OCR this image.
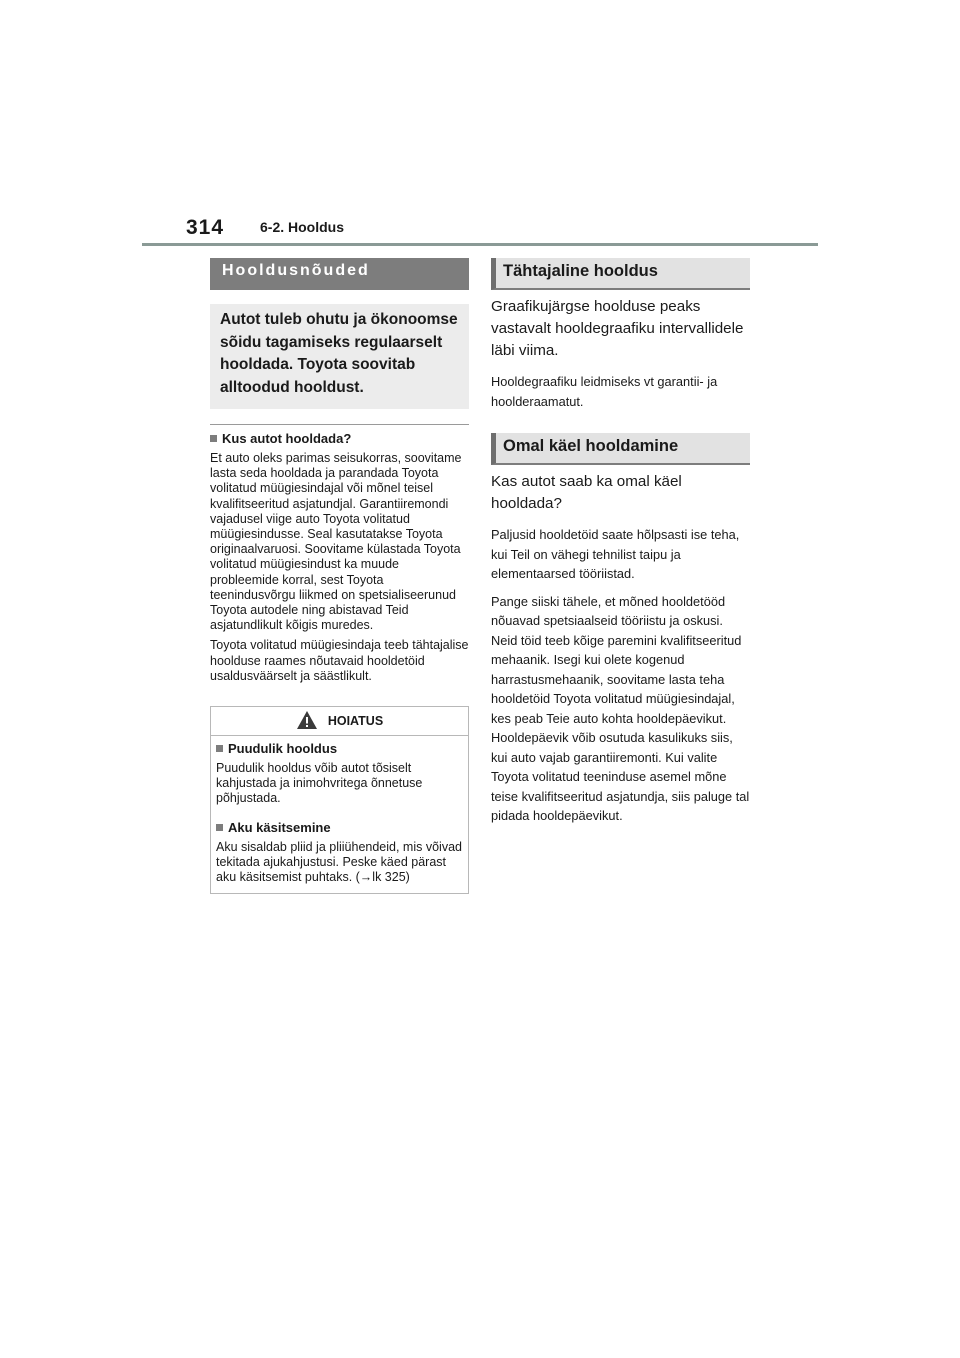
314	6-2. Hooldus
Hooldusnõuded
Autot tuleb ohutu ja ökonoomse sõidu tagamiseks regulaarselt hooldada. Toyota soovitab alltoodud hooldust.
Kus autot hooldada?

Et auto oleks parimas seisukorras, soovitame lasta seda hooldada ja parandada Toyota volitatud müügiesindajal või mõnel teisel kvalifitseeritud asjatundjal. Garantiiremondi vajadusel viige auto Toyota volitatud müügiesindusse. Seal kasutatakse Toyota originaalvaruosi. Soovitame külastada Toyota volitatud müügiesindust ka muude probleemide korral, sest Toyota teenindusvõrgu liikmed on spetsialiseerunud Toyota autodele ning abistavad Teid asjatundlikult kõigis muredes.

Toyota volitatud müügiesindaja teeb tähtajalise hoolduse raames nõutavaid hooldetöid usaldusväärselt ja säästlikult.

HOIATUS
Puudulik hooldus

Puudulik hooldus võib autot tõsiselt kahjustada ja inimohvritega õnnetuse põhjustada.

Aku käsitsemine

Aku sisaldab pliid ja pliiühendeid, mis võivad tekitada ajukahjustusi. Peske käed pärast aku käsitsemist puhtaks. (→lk 325)

Tähtajaline hooldus

Graafikujärgse hoolduse peaks vastavalt hooldegraafiku intervallidele läbi viima.

Hooldegraafiku leidmiseks vt garantii- ja hoolderaamatut.

Omal käel hooldamine

Kas autot saab ka omal käel hooldada?

Paljusid hooldetöid saate hõlpsasti ise teha, kui Teil on vähegi tehnilist taipu ja elementaarsed tööriistad.

Pange siiski tähele, et mõned hooldetööd nõuavad spetsiaalseid tööriistu ja oskusi. Neid töid teeb kõige paremini kvalifitseeritud mehaanik. Isegi kui olete kogenud harrastusmehaanik, soovitame lasta teha hooldetöid Toyota volitatud müügiesindajal, kes peab Teie auto kohta hooldepäevikut. Hooldepäevik võib osutuda kasulikuks siis, kui auto vajab garantiiremonti. Kui valite Toyota volitatud teeninduse asemel mõne teise kvalifitseeritud asjatundja, siis paluge tal pidada hooldepäevikut.
